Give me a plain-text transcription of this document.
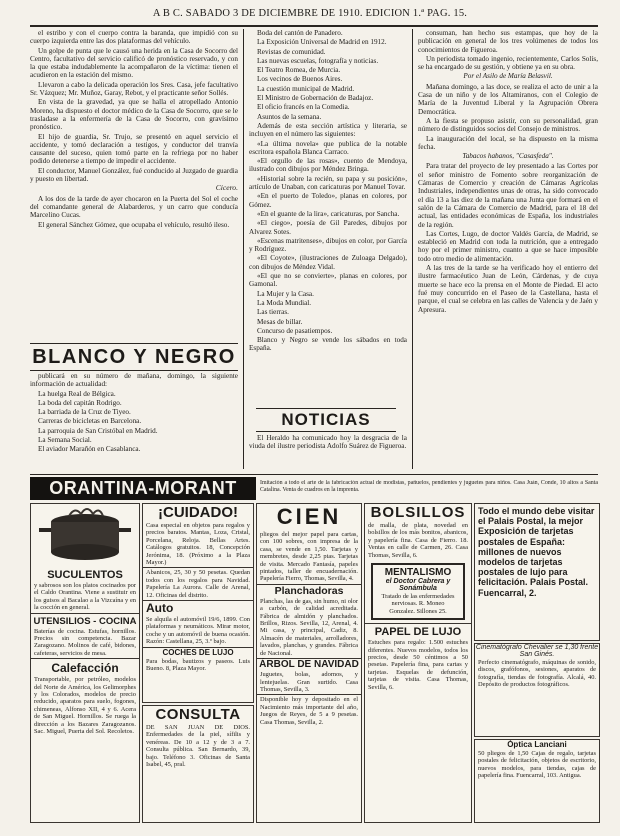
A B C. SABADO 3 DE DICIEMBRE DE 1910. EDICION 1.ª PAG. 15.

el estribo y con el cuerpo contra la baranda, que impidió con su cuerpo izquierda entre las dos plataformas del vehículo.

Un golpe de punta que le causó una herida en la Casa de Socorro del Centro, facultativo del servicio calificó de pronóstico reservado, y con la que estaba indudablemente la acompañaron de la víctima: tienen el acudieron en la estación del mismo.

Llevaron a cabo la delicada operación los Sres. Casa, jefe facultativo Sr. Vázquez; Mr. Muñoz, Garay, Rebot, y el practicante señor Sollés.

En vista de la gravedad, ya que se halla el atropellado Antonio Moreno, ha dispuesto el doctor médico de la Casa de Socorro, que se le trasladase a la enfermería de la Casa de Socorro, con gravísimo pronóstico.

El hijo de guardia, Sr. Trujo, se presentó en aquel servicio el accidente, y tomó declaración a testigos, y conductor del tranvía causante del suceso, quien tomó parte en la refriega por no haber podido detenerse a tiempo de impedir el accidente.

El conductor, Manuel González, fué conducido al Juzgado de guardia y puesto en libertad.

Cicero.

A los dos de la tarde de ayer chocaron en la Puerta del Sol el coche del comandante general de Alabarderos, y un carro que conducía Marcelino Cucas.

El general Sánchez Gómez, que ocupaba el vehículo, resultó ileso.

BLANCO Y NEGRO

publicará en su número de mañana, domingo, la siguiente información de actualidad:

La huelga Real de Bélgica.

La boda del capitán Rodrigo.

La barriada de la Cruz de Tiyeo.

Carreras de bicicletas en Barcelona.

La parroquia de San Cristóbal en Madrid.

La Semana Social.

El aviador Marañón en Casablanca.

Boda del cantón de Panadero.

La Exposición Universal de Madrid en 1912.

Revistas de comunidad.

Las nuevas escuelas, fotografía y noticias.

El Teatro Romea, de Murcia.

Los vecinos de Buenos Aires.

La cuestión municipal de Madrid.

El Ministro de Gobernación de Badajoz.

El oficio francés en la Comedia.

Asuntos de la semana.

Además de esta sección artística y literaria, se incluyen en el número las siguientes:

«La última novela» que publica de la notable escritora española Blanca Carraco.

«El orgullo de las rosas», cuento de Mendoya, ilustrado con dibujos por Méndez Bringa.

«Historial sobre la recién, su papa y su posición», artículo de Unaban, con caricaturas por Manuel Tovar.

«En el puerto de Toledo», planas en colores, por Gómez.

«En el guante de la lira», caricaturas, por Sancha.

«El ciego», poesía de Gil Paredes, dibujos por Alvarez Sotes.

«Escenas matritenses», dibujos en color, por García y Rodríguez.

«El Coyote», (ilustraciones de Zuloaga Delgado), con dibujos de Méndez Vidal.

«El que no se convierte», planas en colores, por Gamonal.

La Mujer y la Casa.

La Moda Mundial.

Las tierras.

Mesas de billar.

Concurso de pasatiempos.

Blanco y Negro se vende los sábados en toda España.

NOTICIAS

El Heraldo ha comunicado hoy la desgracia de la viuda del ilustre periodista Adolfo Suárez de Figueroa.

consuman, han hecho sus estampas, que hoy de la publicación en general de los tres volúmenes de todos los conocimientos de Figueroa.

Un periodista tomado ingenio, recientemente, Carlos Solís, se ha encargado de su gestión, y obtiene ya en su obra.

Por el Asilo de María Belasvil.

Mañana domingo, a las doce, se realiza el acto de unir a la Casa de un niño y de los Altamiranos, con el Colegio de María de la Juventud Liberal y la Agrupación Obrera Democrática.

A la fiesta se propuso asistir, con su personalidad, gran número de distinguidos socios del Consejo de ministros.

La inauguración del local, se ha dispuesto en la misma fecha.

Tabacos habanos, "Casasfeda".

Para tratar del proyecto de ley presentado a las Cortes por el señor ministro de Fomento sobre reorganización de Cámaras de Comercio y creación de Cámaras Agrícolas Industriales, independientes unas de otras, ha sido convocado el día 13 a las diez de la mañana una Junta que formará en el salón de la Cámara de Comercio de Madrid, para el 18 del actual, las entidades económicas de España, los industriales de la región.

Las Cortes, Lugo, de doctor Valdés García, de Madrid, se estableció en Madrid con toda la nutrición, que a entregado hoy por el primer ministro, cuanto a que se hace imposible todo otro medio de alimentación.

A las tres de la tarde se ha verificado hoy el entierro del ilustre farmacéutico Juan de León, Cárdenas, y de cuya muerte se hace eco la prensa en el Monte de Piedad. El acto fué muy concurrido en el Paseo de la Castellana, hasta el parque, el cual se celebra en las calles de Valencia y de Jaén y Apresura.

ORANTINA-MORANT	Imitación a todo el arte de la fabricación actual de modistas, pañuelos, pendientes y juguetes para niños. Casa Juán, Conde, 10 altos a Santa Catalina. Venta de cuadros en la imprenta.
SUCULENTOS
y sabrosos son los platos cocinados por el Caldo Orantina. Viene a sustituir en los guisos al Bacalao a la Vizcaína y en la cocción en general.
UTENSILIOS - COCINA
Baterías de cocina. Estufas, hornillos. Precios sin competencia. Bazar Zaragozano. Molinos de café, bidones, cafeteras, servicios de mesa.
Calefacción
Transportable, por petróleo, modelos del Norte de América, los Gelimorphes y los Colorados, modelos de precio reducido, aparatos para suelo, fogones, chimeneas, Alfonso XII, 4 y 6. Acera de San Miguel. Hornillos. Se ruega la dirección a los Bazares Zaragozanos. Sac. Miguel, Puerta del Sol. Recoletos.
¡CUIDADO!
Casa especial en objetos para regalos y precios baratos. Mantas, Loza, Cristal, Porcelana, Reloja. Bellas Artes. Catálogos gratuitos. 18, Concepción Jerónima, 18. (Próximo a la Plaza Mayor.)
Abanicos, 25, 30 y 50 pesetas. Quedan todos con los regalos para Navidad. Papelería La Aurora. Calle de Arenal, 12. Oficinas del distrito.
Auto
Se alquila el automóvil 19/6, 1899. Con plataformas y neumáticos. Mirar motor, coche y un automóvil de buena ocasión. Razón: Castellana, 25, 3.º bajo.
COCHES DE LUJO
Para bodas, bautizos y paseos. Luis Bueno. 8, Plaza Mayor.
CONSULTA
DE SAN JUAN DE DIOS. Enfermedades de la piel, sífilis y venéreas. De 10 a 12 y de 3 a 7. Consulta pública. San Bernardo, 39, bajo. Teléfono 3. Oficinas de Santa Isabel, 45, pral.
CIEN
pliegos del mejor papel para cartas, con 100 sobres, con impresa de la casa, se vende en 1,50. Tarjetas y membretes, desde 2,25 ptas. Tarjetas de visita. Mercado Fantasía, papeles pintados, taller de encuadernación. Papelería Fierro, Thomas, Sevilla, 4.
Planchadoras
Planchas, las de gas, sin humo, ni olor a carbón, de calidad acreditada. Fábrica de almidón y planchados. Brillos, Rizos. Sevilla, 12, Arenal, 4. Mi casa, y principal, Cadiz, 8. Almacén de materiales, arrolladores, lavados, planchas, y grandes. Fábrica de Nacional.
ÁRBOL DE NAVIDAD
Juguetes, bolas, adornos, y lentejuelas. Gran surtido. Casa Thomas, Sevilla, 3.
Disponible hoy y depositado en el Nacimiento más importante del año, Juegos de Reyes, de 5 a 9 pesetas. Casa Thomas, Sevilla, 2.
BOLSILLOS
de malla, de plata, novedad en bolsillos de los más bonitos, abanicos, y papelería fina. Casa de Fierro. 18. Ventas en calle de Carmen, 26. Casa Thomas, Sevilla, 6.
MENTALISMO
el Doctor Cabrera y Sonámbula
Tratado de las enfermedades nerviosas. R. Moneo Gonzalez. Sillones 25.
PAPEL DE LUJO
Estuches para regalo: 1.500 estuches diferentes. Nuevos modelos, todos los precios, desde 50 céntimos a 50 pesetas. Papelería fina, para cartas y tarjetas. Esquelas de defunción, tarjetas de visita. Casa Thomas, Sevilla, 6.
Todo el mundo debe visitar el Palais Postal, la mejor Exposición de tarjetas postales de España: millones de nuevos modelos de tarjetas postales de lujo para felicitación. Palais Postal. Fuencarral, 2.
Cinematógrafo Chevalier se 1,30 frente San Ginés.
Perfecto cinematógrafo, máquinas de sonido, discos, grafófonos, sesiones, aparatos de fotografía, tiendas de fotografía. Alcalá, 40. Depósito de productos fotográficos.
Óptica Lanciani
50 pliegos de 1,50 Cajas de regalo, tarjetas postales de felicitación, objetos de escritorio, nuevos modelos, para tiendas, cajas de papelería fina. Fuencarral, 103. Antigua.
